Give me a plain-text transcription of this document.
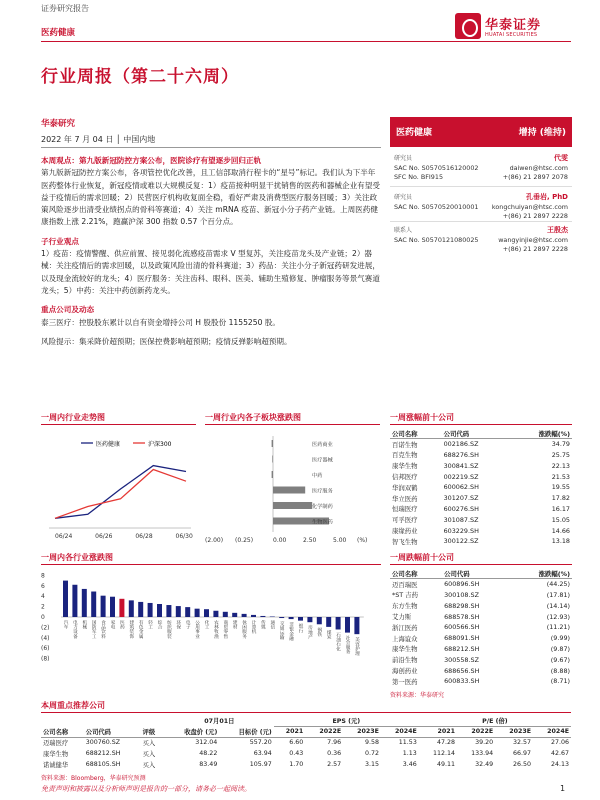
证券研究报告
医药健康	华泰证券
HUATAI SECURITIES
行业周报（第二十六周）
华泰研究
2022 年 7 月 04 日 │ 中国内地
本周观点：第九版新冠防控方案公布，医院诊疗有望逐步回归正轨
第九版新冠防控方案公布，各项管控优化改善，且工信部取消行程卡的“星号”标记。我们认为下半年医药整体行业恢复，新冠疫情或难以大规模反复：1）疫苗接种明显干扰销售的医药和器械企业有望受益于疫情后的需求回暖；2）民营医疗机构收复面全稳，看好严肃及消费型医疗服务回暖；3）关注政策风险逐步出清受业绩拐点的骨科等赛道；4）关注 mRNA 疫苗、新冠小分子药产业链。上周医药健康指数上涨 2.21%，跑赢沪深 300 指数 0.57 个百分点。
子行业观点
1）疫苗：疫情警醒、供应前置、接见弱化流感疫苗需求 V 型复苏，关注疫苗龙头及产业链；2）器械：关注疫情后的需求回暖，以及政策风险出清的骨科赛道；3）药品：关注小分子新冠药研发进展，以及现金流较好的龙头；4）医疗服务：关注齿科、眼科、医美、辅助生殖修复、肿瘤服务等景气赛道龙头；5）中药：关注中药创新药龙头。
重点公司及动态
泰三医疗：控股股东累计以自有资金增持公司 H 股股份 1155250 股。
风险提示：集采降价超预期；医保控费影响超预期；疫情反弹影响超预期。
医药健康	增持 (维持)
研究员	代雯
SAC No. S0570516120002	daiwen@htsc.com
SFC No. BFI915	+(86) 21 2897 2078
研究员	孔垂岩, PhD
SAC No. S0570520010001 kongchuiyan@htsc.com
+(86) 21 2897 2228
联系人	王殷杰
SAC No. S0570121080025	wangyinjie@htsc.com
+(86) 21 2897 2228
一周内行业走势图
医药健康	沪深300
06/24	06/26	06/28	06/30
一周行业内各子板块涨跌图
医药商业
医疗器械
中药
医疗服务
化学制药
生物医药
(2.00) (0.25)	0.00	2.50	5.00 (%)
一周涨幅前十公司
公司名称	公司代码	涨跌幅(%)
百诺生物	002186.SZ	34.79
百克生物	688276.SH	25.75
康华生物	300841.SZ	22.13
信邦医疗	002219.SZ	21.53
华润双鹤	600062.SH	19.55
华立医药	301207.SZ	17.82
恒瑞医疗	600276.SH	16.17
可孚医疗	301087.SZ	15.05
康缘药业	603229.SH	14.66
智飞生物	300122.SZ	13.18
一周内各行业涨跌图
8
6
4
2
0
(2)
(4)
(6)
(8)
汽车 电力设备 机械 国防军工 食品饮料 家电 医药 建筑装饰 有色金属 轻工 综合 纺织服装 环保 电子 公用事业 化工 农林牧渔 商贸零售 建材 休闲服务 计算机 传媒 通信 交通运输 非银金融 银行 房地产 钢铁 煤炭 石油石化 社会服务 美容护理
一周跌幅前十公司
公司名称	公司代码	涨跌幅(%)
迈百瑞医	600896.SH	(44.25)
*ST 吉药	300108.SZ	(17.81)
东方生物	688298.SH	(14.14)
艾力斯	688578.SH	(12.93)
浙江医药	600566.SH	(11.21)
上海谊众	688091.SH	(9.99)
康华生物	688212.SH	(9.87)
前沿生物	300558.SZ	(9.67)
海创药业	688656.SH	(8.88)
第一医药	600833.SH	(8.71)
资料来源：华泰研究
本周重点推荐公司
			07月01日		EPS (元)				P/E (倍)			
公司名称	公司代码	评级	收盘价 (元)	目标价 (元)	2021	2022E	2023E	2024E	2021	2022E	2023E	2024E
迈瑞医疗	300760.SZ	买入	312.04	557.20	6.60	7.96	9.58	11.53	47.28	39.20	32.57	27.06
康华生物	688212.SH	买入	48.22	63.94	0.43	0.36	0.72	1.13	112.14	133.94	66.97	42.67
诺诚健华	688105.SH	买入	83.49	105.97	1.70	2.57	3.15	3.46	49.11	32.49	26.50	24.13
资料来源：Bloomberg，华泰研究预测
免责声明和披露以及分析师声明是报告的一部分，请务必一起阅读。	1
